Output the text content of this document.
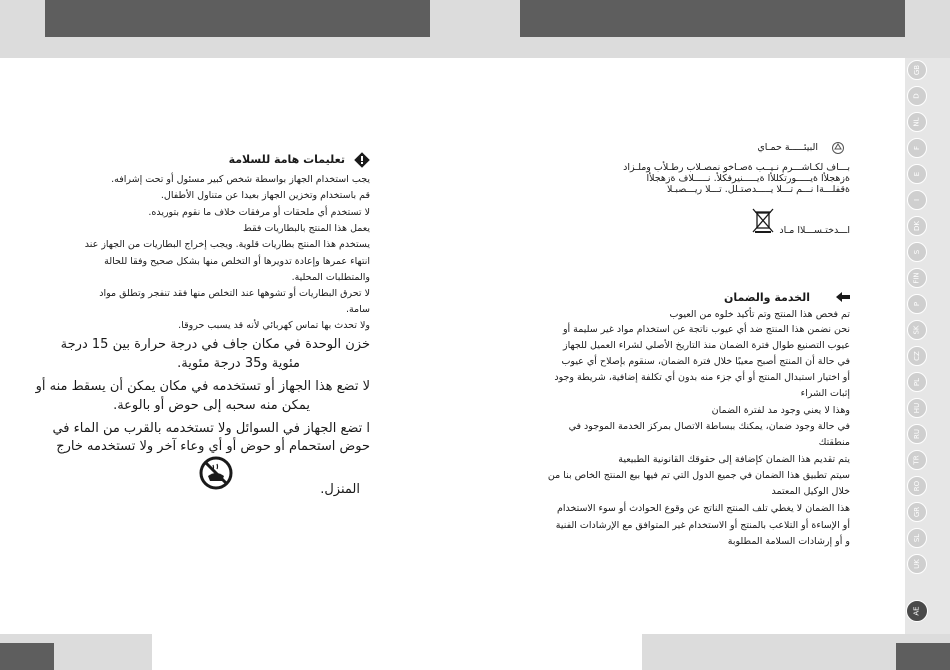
تعليمات هامة للسلامة
يجب استخدام الجهاز بواسطة شخص كبير مسئول أو تحت إشرافه.
قم باستخدام وتخزين الجهاز بعيدا عن متناول الأطفال.
لا تستخدم أي ملحقات أو مرفقات خلاف ما نقوم بتوريده.
يعمل هذا المنتج بالبطاريات فقط
يستخدم هذا المنتج بطاريات قلوية. ويجب إخراج البطاريات من الجهاز عند
انتهاء عمرها وإعادة تدويرها أو التخلص منها بشكل صحيح وفقا للحالة
والمتطلبات المحلية.
لا تحرق البطاريات أو تشوهها عند التخلص منها فقد تنفجر وتطلق مواد
سامة.
ولا تحدث بها تماس كهربائي لأنه قد يسبب حروقا.
خزن الوحدة في مكان جاف في درجة حرارة بين 15 درجة
مئوية و35 درجة مئوية.
لا تضع هذا الجهاز أو تستخدمه في مكان يمكن أن يسقط منه أو
يمكن منه سحبه إلى حوض أو بالوعة.
ا تضع الجهاز في السوائل ولا تستخدمه بالقرب من الماء في
حوض استحمام أو حوض أو أي وعاء آخر ولا تستخدمه خارج
المنزل.
البيئـــــة حمـاي
بـــاف لكـاشـــرم نـيــب ةصـاخو نمصـلاب رطـلأب وملـزاد
ةزهجلأا ةيـــــورتكللأا ةيـــــنيرفكلأ. نـــــلاف ةزهجلأا
ةقفلـــةا نـــم تـــلا يـــــدصتـلل. تـــلا ريـــصبـلا
اـــدختـســـلاا مـاد
الخدمة والضمان
تم فحص هذا المنتج وتم تأكيد خلوه من العيوب
نحن نضمن هذا المنتج ضد أي عيوب ناتجة عن استخدام مواد غير سليمة أو
عيوب التصنيع طوال فترة الضمان منذ التاريخ الأصلي لشراء العميل للجهاز
في حالة أن المنتج أصبح معيبًا خلال فترة الضمان، سنقوم بإصلاح أي عيوب
أو اختيار استبدال المنتج أو أي جزء منه بدون أي تكلفة إضافية، شريطة وجود
إثبات الشراء
وهذا لا يعني وجود مد لفترة الضمان
في حالة وجود ضمان، يمكنك ببساطة الاتصال بمركز الخدمة الموجود في
منطقتك
يتم تقديم هذا الضمان كإضافة إلى حقوقك القانونية الطبيعية
سيتم تطبيق هذا الضمان في جميع الدول التي تم فيها بيع المنتج الخاص بنا من
خلال الوكيل المعتمد
هذا الضمان لا يغطي تلف المنتج الناتج عن وقوع الحوادث أو سوء الاستخدام
أو الإساءة أو التلاعب بالمنتج أو الاستخدام غير المتوافق مع الإرشادات الفنية
و أو إرشادات السلامة المطلوبة
GB
D
NL
F
E
I
DK
S
FIN
P
SK
CZ
PL
HU
RU
TR
RO
GR
SL
UK
AE
